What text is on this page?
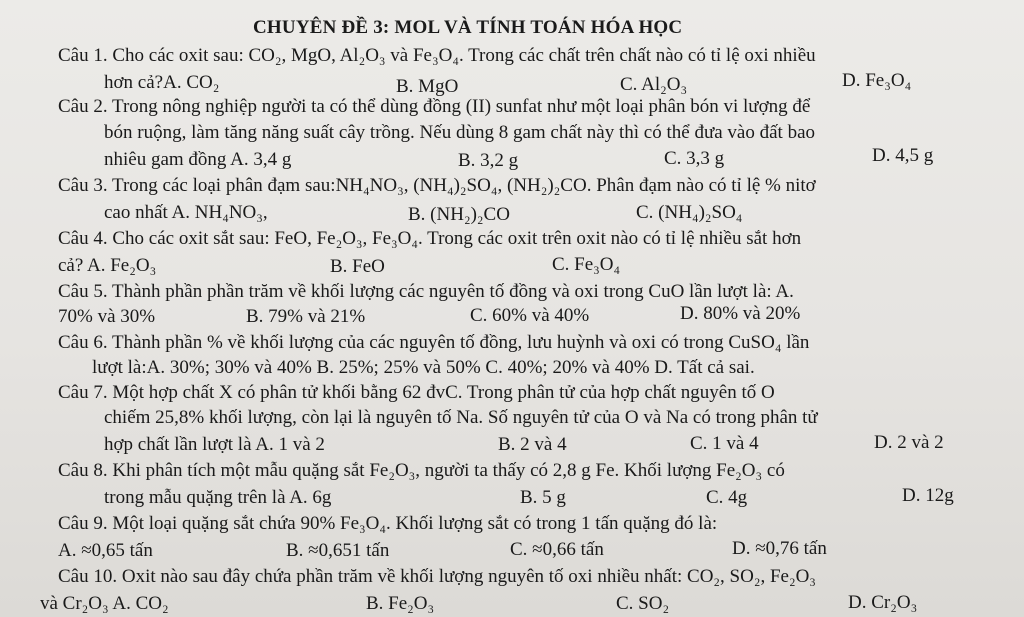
CHUYÊN ĐỀ 3: MOL VÀ TÍNH TOÁN HÓA HỌC
Câu 1. Cho các oxit sau: CO₂, MgO, Al₂O₃ và Fe₃O₄. Trong các chất trên chất nào có tỉ lệ oxi nhiều
hơn cả?A. CO₂	B. MgO	C. Al₂O₃	D. Fe₃O₄
Câu 2. Trong nông nghiệp người ta có thể dùng đồng (II) sunfat như một loại phân bón vi lượng để
bón ruộng, làm tăng năng suất cây trồng. Nếu dùng 8 gam chất này thì có thể đưa vào đất bao
nhiêu gam đồng A. 3,4 g	B. 3,2 g	C. 3,3 g	D. 4,5 g
Câu 3. Trong các loại phân đạm sau:NH₄NO₃, (NH₄)₂SO₄, (NH₂)₂CO. Phân đạm nào có tỉ lệ % nitơ
cao nhất A. NH₄NO₃,	B. (NH₂)₂CO	C. (NH₄)₂SO₄
Câu 4. Cho các oxit sắt sau: FeO, Fe₂O₃, Fe₃O₄. Trong các oxit trên oxit nào có tỉ lệ nhiều sắt hơn
cả? A. Fe₂O₃	B. FeO	C. Fe₃O₄
Câu 5. Thành phần phần trăm về khối lượng các nguyên tố đồng và oxi trong CuO lần lượt là: A.
70% và 30%	B. 79% và 21%	C. 60% và 40%	D. 80% và 20%
Câu 6. Thành phần % về khối lượng của các nguyên tố đồng, lưu huỳnh và oxi có trong CuSO₄ lần
lượt là:A. 30%; 30% và 40% B. 25%; 25% và 50% C. 40%; 20% và 40% D. Tất cả sai.
Câu 7. Một hợp chất X có phân tử khối bằng 62 đvC. Trong phân tử của hợp chất nguyên tố O
chiếm 25,8% khối lượng, còn lại là nguyên tố Na. Số nguyên tử của O và Na có trong phân tử
hợp chất lần lượt là A. 1 và 2	B. 2 và 4	C. 1 và 4	D. 2 và 2
Câu 8. Khi phân tích một mẫu quặng sắt Fe₂O₃, người ta thấy có 2,8 g Fe. Khối lượng Fe₂O₃ có
trong mẫu quặng trên là A. 6g	B. 5 g	C. 4g	D. 12g
Câu 9. Một loại quặng sắt chứa 90% Fe₃O₄. Khối lượng sắt có trong 1 tấn quặng đó là:
A. ≈0,65 tấn	B. ≈0,651 tấn	C. ≈0,66 tấn	D. ≈0,76 tấn
Câu 10. Oxit nào sau đây chứa phần trăm về khối lượng nguyên tố oxi nhiều nhất: CO₂, SO₂, Fe₂O₃
và Cr₂O₃ A. CO₂	B. Fe₂O₃	C. SO₂	D. Cr₂O₃
